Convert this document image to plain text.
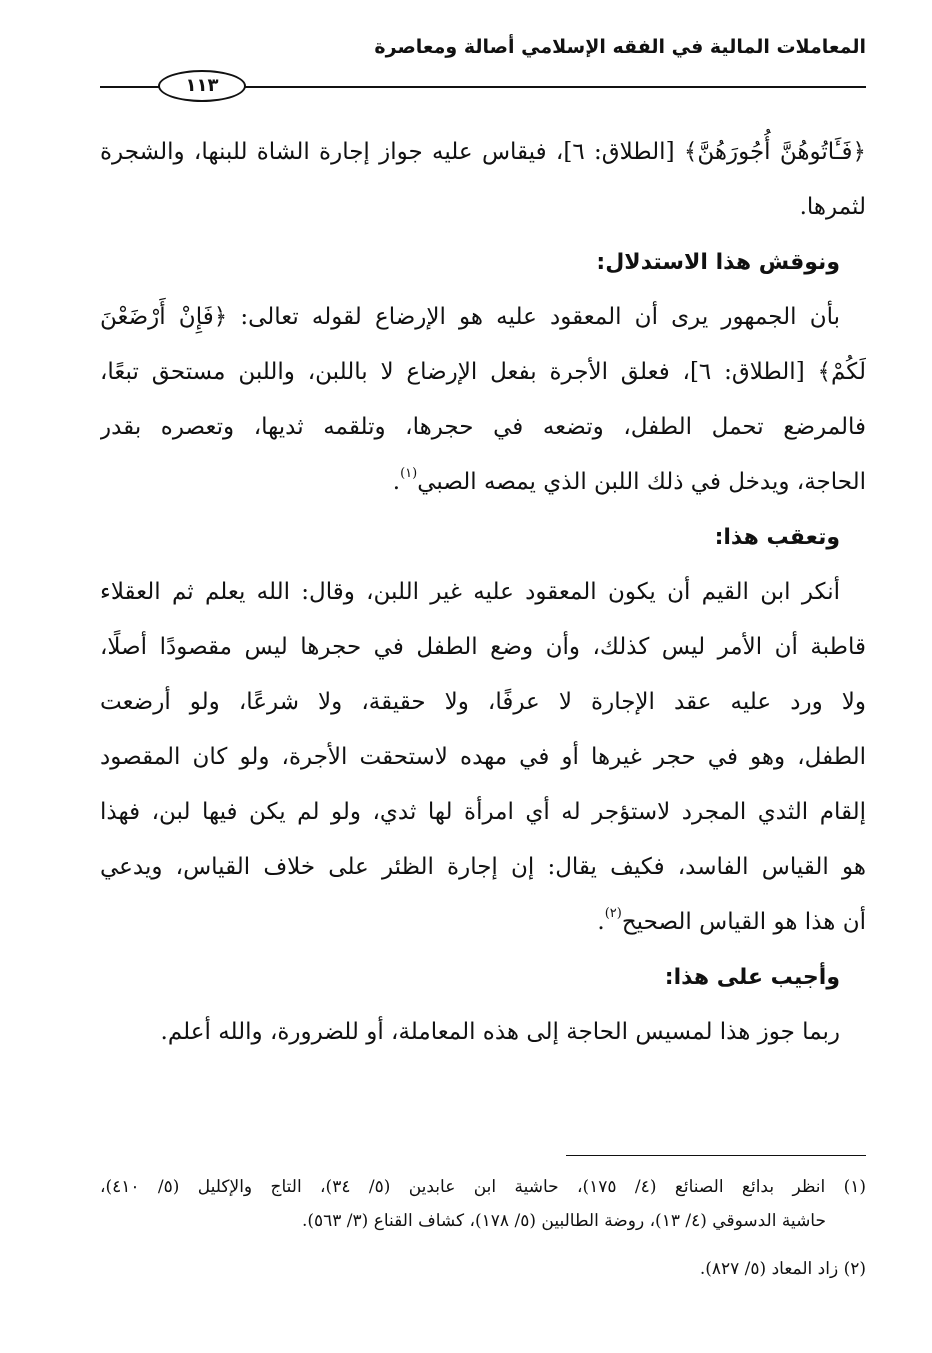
المعاملات المالية في الفقه الإسلامي أصالة ومعاصرة
١١٣
﴿فَـَٔاتُوهُنَّ أُجُورَهُنَّ﴾ [الطلاق: ٦]، فيقاس عليه جواز إجارة الشاة للبنها، والشجرة
لثمرها.
ونوقش هذا الاستدلال:
بأن الجمهور يرى أن المعقود عليه هو الإرضاع لقوله تعالى: ﴿فَإِنْ أَرْضَعْنَ
لَكُمْ﴾ [الطلاق: ٦]، فعلق الأجرة بفعل الإرضاع لا باللبن، واللبن مستحق تبعًا،
فالمرضع تحمل الطفل، وتضعه في حجرها، وتلقمه ثديها، وتعصره بقدر
الحاجة، ويدخل في ذلك اللبن الذي يمصه الصبي$^{(١)}$.
وتعقب هذا:
أنكر ابن القيم أن يكون المعقود عليه غير اللبن، وقال: الله يعلم ثم العقلاء
قاطبة أن الأمر ليس كذلك، وأن وضع الطفل في حجرها ليس مقصودًا أصلًا،
ولا ورد عليه عقد الإجارة لا عرفًا، ولا حقيقة، ولا شرعًا، ولو أرضعت
الطفل، وهو في حجر غيرها أو في مهده لاستحقت الأجرة، ولو كان المقصود
إلقام الثدي المجرد لاستؤجر له أي امرأة لها ثدي، ولو لم يكن فيها لبن، فهذا
هو القياس الفاسد، فكيف يقال: إن إجارة الظئر على خلاف القياس، ويدعي
أن هذا هو القياس الصحيح$^{(٢)}$.
وأجيب على هذا:
ربما جوز هذا لمسيس الحاجة إلى هذه المعاملة، أو للضرورة، والله أعلم.
(١) انظر بدائع الصنائع (٤/ ١٧٥)، حاشية ابن عابدين (٥/ ٣٤)، التاج والإكليل (٥/ ٤١٠)،
حاشية الدسوقي (٤/ ١٣)، روضة الطالبين (٥/ ١٧٨)، كشاف القناع (٣/ ٥٦٣).
(٢) زاد المعاد (٥/ ٨٢٧).
